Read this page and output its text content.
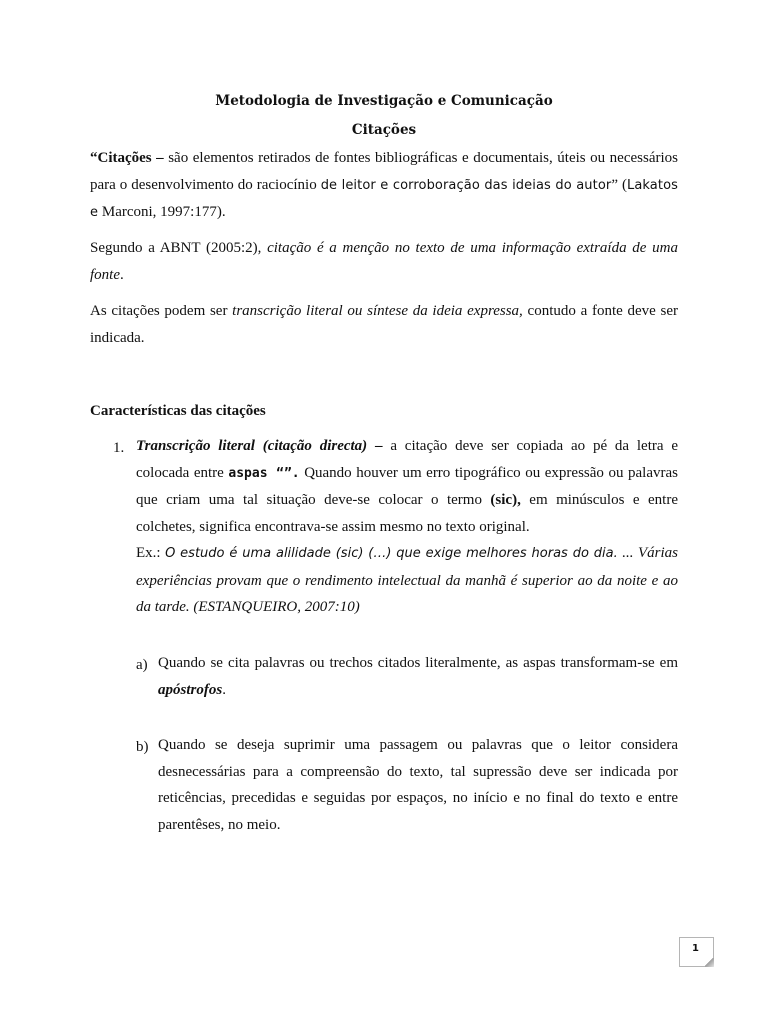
Metodologia de Investigação e Comunicação
Citações

“Citações – são elementos retirados de fontes bibliográficas e documentais, úteis ou necessários para o desenvolvimento do raciocínio de leitor e corroboração das ideias do autor” (Lakatos e Marconi, 1997:177).

Segundo a ABNT (2005:2), citação é a menção no texto de uma informação extraída de uma fonte.

As citações podem ser transcrição literal ou síntese da ideia expressa, contudo a fonte deve ser indicada.

Características das citações
1. Transcrição literal (citação directa) – a citação deve ser copiada ao pé da letra e colocada entre aspas “”. Quando houver um erro tipográfico ou expressão ou palavras que criam uma tal situação deve-se colocar o termo (sic), em minúsculos e entre colchetes, significa encontrava-se assim mesmo no texto original.
Ex.: O estudo é uma alilidade (sic) (…) que exige melhores horas do dia. ... Várias experiências provam que o rendimento intelectual da manhã é superior ao da noite e ao da tarde. (ESTANQUEIRO, 2007:10)

a) Quando se cita palavras ou trechos citados literalmente, as aspas transformam-se em apóstrofos.

b) Quando se deseja suprimir uma passagem ou palavras que o leitor considera desnecessárias para a compreensão do texto, tal supressão deve ser indicada por reticências, precedidas e seguidas por espaços, no início e no final do texto e entre parentêses, no meio.

1
